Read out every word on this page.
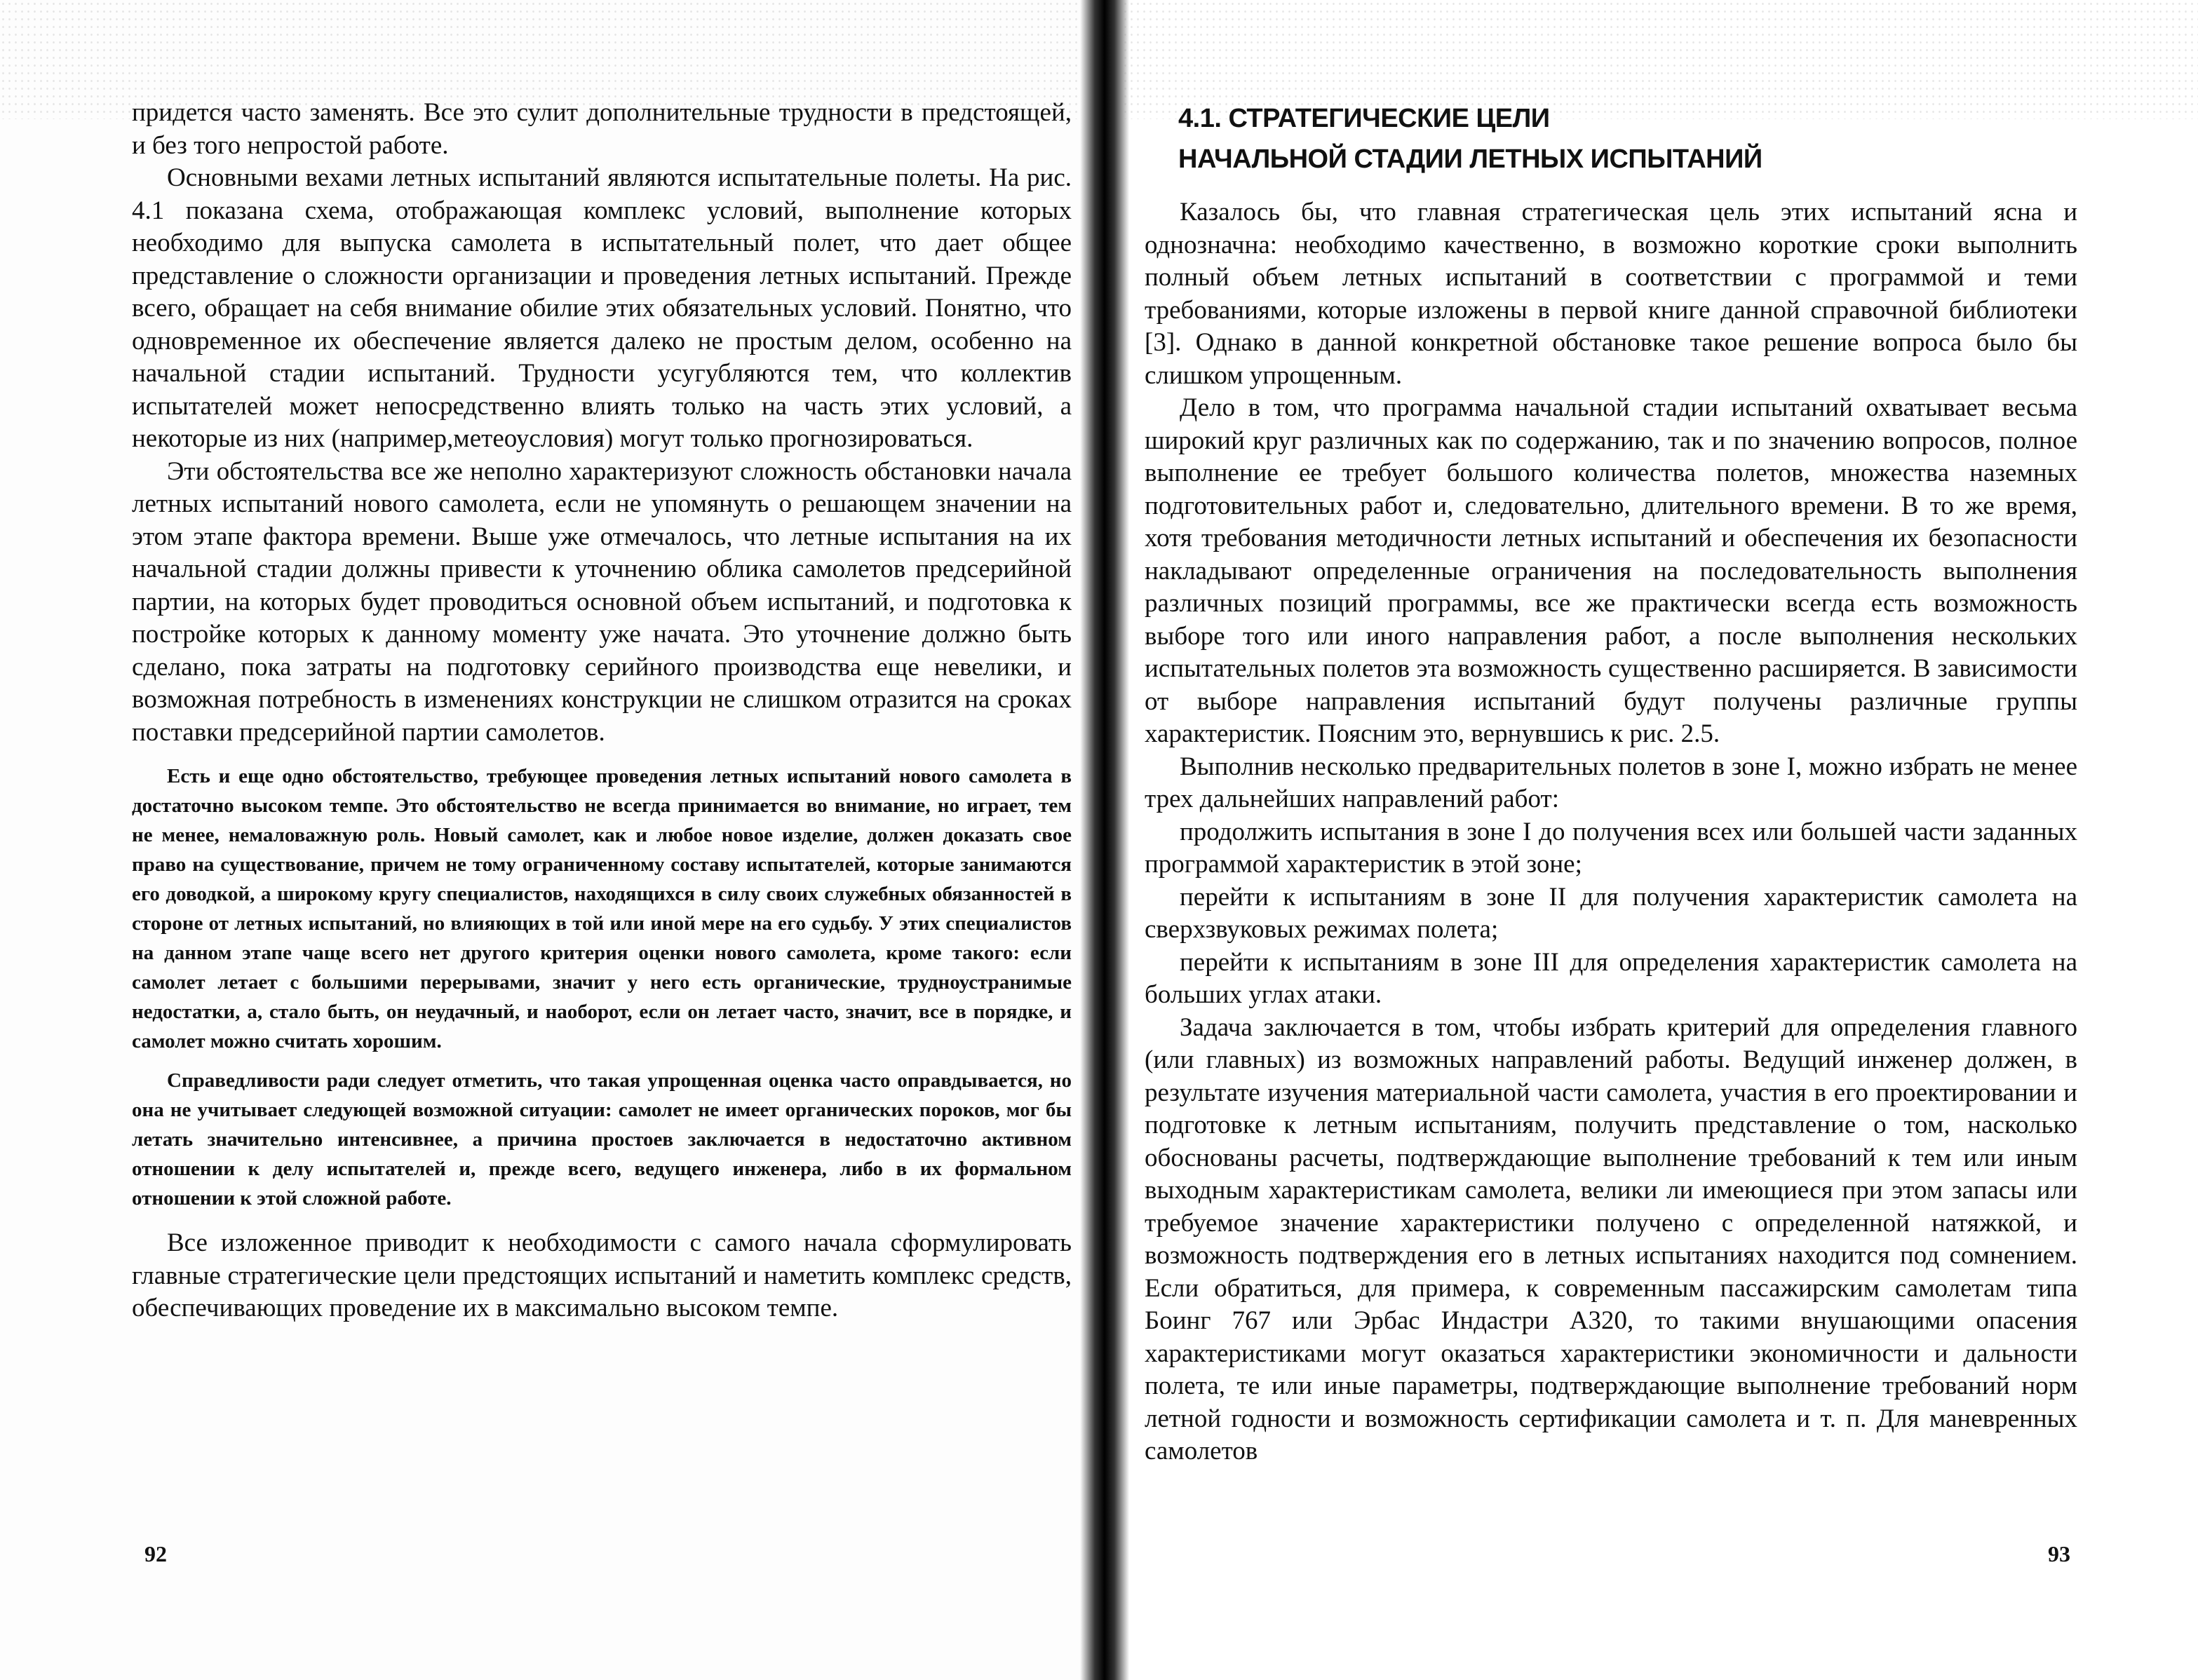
придется часто заменять. Все это сулит дополнительные трудности в предстоящей, и без того непростой работе.

Основными вехами летных испытаний являются испытательные полеты. На рис. 4.1 показана схема, отображающая комплекс условий, выполнение которых необходимо для выпуска самолета в испытательный полет, что дает общее представление о сложности организации и проведения летных испытаний. Прежде всего, обращает на себя внимание обилие этих обязательных условий. Понятно, что одновременное их обеспечение является далеко не простым делом, особенно на начальной стадии испытаний. Трудности усугубляются тем, что коллектив испытателей может непосредственно влиять только на часть этих условий, а некоторые из них (например,метеоусловия) могут только прогнозироваться.

Эти обстоятельства все же неполно характеризуют сложность обстановки начала летных испытаний нового самолета, если не упомянуть о решающем значении на этом этапе фактора времени. Выше уже отмечалось, что летные испытания на их начальной стадии должны привести к уточнению облика самолетов предсерийной партии, на которых будет проводиться основной объем испытаний, и подготовка к постройке которых к данному моменту уже начата. Это уточнение должно быть сделано, пока затраты на подготовку серийного производства еще невелики, и возможная потребность в изменениях конструкции не слишком отразится на сроках поставки предсерийной партии самолетов.

Есть и еще одно обстоятельство, требующее проведения летных испытаний нового самолета в достаточно высоком темпе. Это обстоятельство не всегда принимается во внимание, но играет, тем не менее, немаловажную роль. Новый самолет, как и любое новое изделие, должен доказать свое право на существование, причем не тому ограниченному составу испытателей, которые занимаются его доводкой, а широкому кругу специалистов, находящихся в силу своих служебных обязанностей в стороне от летных испытаний, но влияющих в той или иной мере на его судьбу. У этих специалистов на данном этапе чаще всего нет другого критерия оценки нового самолета, кроме такого: если самолет летает с большими перерывами, значит у него есть органические, трудноустранимые недостатки, а, стало быть, он неудачный, и наоборот, если он летает часто, значит, все в порядке, и самолет можно считать хорошим.

Справедливости ради следует отметить, что такая упрощенная оценка часто оправдывается, но она не учитывает следующей возможной ситуации: самолет не имеет органических пороков, мог бы летать значительно интенсивнее, а причина простоев заключается в недостаточно активном отношении к делу испытателей и, прежде всего, ведущего инженера, либо в их формальном отношении к этой сложной работе.

Все изложенное приводит к необходимости с самого начала сформулировать главные стратегические цели предстоящих испытаний и наметить комплекс средств, обеспечивающих проведение их в максимально высоком темпе.

92
4.1. СТРАТЕГИЧЕСКИЕ ЦЕЛИ
НАЧАЛЬНОЙ СТАДИИ ЛЕТНЫХ ИСПЫТАНИЙ

Казалось бы, что главная стратегическая цель этих испытаний ясна и однозначна: необходимо качественно, в возможно короткие сроки выполнить полный объем летных испытаний в соответствии с программой и теми требованиями, которые изложены в первой книге данной справочной библиотеки [3]. Однако в данной конкретной обстановке такое решение вопроса было бы слишком упрощенным.

Дело в том, что программа начальной стадии испытаний охватывает весьма широкий круг различных как по содержанию, так и по значению вопросов, полное выполнение ее требует большого количества полетов, множества наземных подготовительных работ и, следовательно, длительного времени. В то же время, хотя требования методичности летных испытаний и обеспечения их безопасности накладывают определенные ограничения на последовательность выполнения различных позиций программы, все же практически всегда есть возможность выборе того или иного направления работ, а после выполнения нескольких испытательных полетов эта возможность существенно расширяется. В зависимости от выборе направления испытаний будут получены различные группы характеристик. Поясним это, вернувшись к рис. 2.5.

Выполнив несколько предварительных полетов в зоне I, можно избрать не менее трех дальнейших направлений работ:

продолжить испытания в зоне I до получения всех или большей части заданных программой характеристик в этой зоне;

перейти к испытаниям в зоне II для получения характеристик самолета на сверхзвуковых режимах полета;

перейти к испытаниям в зоне III для определения характеристик самолета на больших углах атаки.

Задача заключается в том, чтобы избрать критерий для определения главного (или главных) из возможных направлений работы. Ведущий инженер должен, в результате изучения материальной части самолета, участия в его проектировании и подготовке к летным испытаниям, получить представление о том, насколько обоснованы расчеты, подтверждающие выполнение требований к тем или иным выходным характеристикам самолета, велики ли имеющиеся при этом запасы или требуемое значение характеристики получено с определенной натяжкой, и возможность подтверждения его в летных испытаниях находится под сомнением. Если обратиться, для примера, к современным пассажирским самолетам типа Боинг 767 или Эрбас Индастри А320, то такими внушающими опасения характеристиками могут оказаться характеристики экономичности и дальности полета, те или иные параметры, подтверждающие выполнение требований норм летной годности и возможность сертификации самолета и т. п. Для маневренных самолетов

93
